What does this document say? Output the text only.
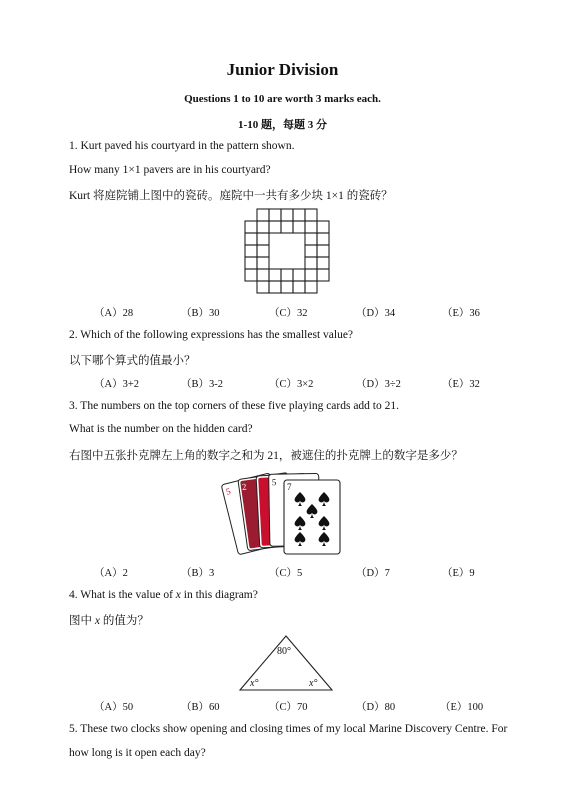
Junior Division
Questions 1 to 10 are worth 3 marks each.
1-10 题，每题 3 分
1. Kurt paved his courtyard in the pattern shown.
How many 1×1 pavers are in his courtyard?
Kurt 将庭院铺上图中的瓷砖。庭院中一共有多少块 1×1 的瓷砖？
（A）28	（B）30	（C）32	（D）34	（E）36
2. Which of the following expressions has the smallest value?
以下哪个算式的值最小？
（A）3+2	（B）3-2	（C）3×2	（D）3÷2	（E）32
3. The numbers on the top corners of these five playing cards add to 21.
What is the number on the hidden card?
右图中五张扑克牌左上角的数字之和为 21，被遮住的扑克牌上的数字是多少？
5 2	5 7
（A）2	（B）3	（C）5	（D）7	（E）9
4. What is the value of x in this diagram?
图中 x 的值为？
80°
x°	x°
（A）50	（B）60	（C）70	（D）80	（E）100
5. These two clocks show opening and closing times of my local Marine Discovery Centre. For
how long is it open each day?
